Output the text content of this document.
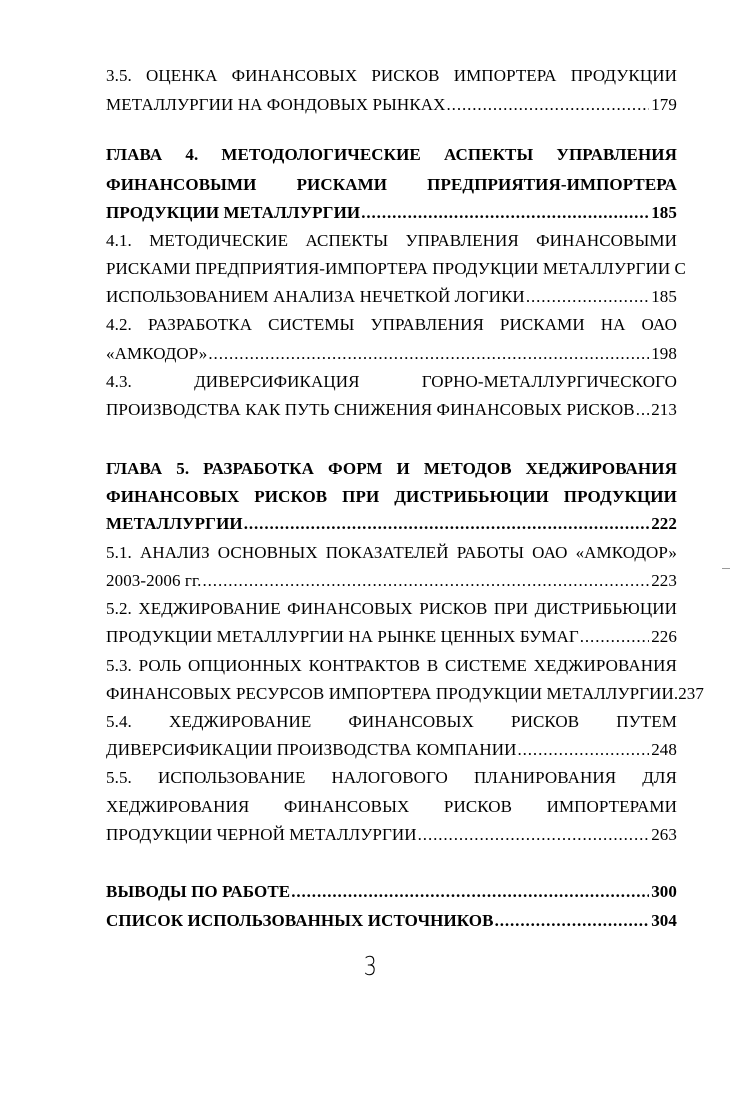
3.5. ОЦЕНКА ФИНАНСОВЫХ РИСКОВ ИМПОРТЕРА ПРОДУКЦИИ
МЕТАЛЛУРГИИ НА ФОНДОВЫХ РЫНКАХ .....	179
ГЛАВА 4. МЕТОДОЛОГИЧЕСКИЕ АСПЕКТЫ УПРАВЛЕНИЯ
ФИНАНСОВЫМИ РИСКАМИ ПРЕДПРИЯТИЯ-ИМПОРТЕРА
ПРОДУКЦИИ МЕТАЛЛУРГИИ .....	185
4.1. МЕТОДИЧЕСКИЕ АСПЕКТЫ УПРАВЛЕНИЯ ФИНАНСОВЫМИ
РИСКАМИ ПРЕДПРИЯТИЯ-ИМПОРТЕРА ПРОДУКЦИИ МЕТАЛЛУРГИИ С
ИСПОЛЬЗОВАНИЕМ АНАЛИЗА НЕЧЕТКОЙ ЛОГИКИ .....	185
4.2. РАЗРАБОТКА СИСТЕМЫ УПРАВЛЕНИЯ РИСКАМИ НА ОАО
«АМКОДОР» .....	198
4.3.	ДИВЕРСИФИКАЦИЯ	ГОРНО-МЕТАЛЛУРГИЧЕСКОГО
ПРОИЗВОДСТВА КАК ПУТЬ СНИЖЕНИЯ ФИНАНСОВЫХ РИСКОВ ..... 213
ГЛАВА 5. РАЗРАБОТКА ФОРМ И МЕТОДОВ ХЕДЖИРОВАНИЯ
ФИНАНСОВЫХ РИСКОВ ПРИ ДИСТРИБЬЮЦИИ ПРОДУКЦИИ
МЕТАЛЛУРГИИ .....	222
5.1. АНАЛИЗ ОСНОВНЫХ ПОКАЗАТЕЛЕЙ РАБОТЫ ОАО «АМКОДОР»
2003-2006 гг. .....	223
5.2. ХЕДЖИРОВАНИЕ ФИНАНСОВЫХ РИСКОВ ПРИ ДИСТРИБЬЮЦИИ
ПРОДУКЦИИ МЕТАЛЛУРГИИ НА РЫНКЕ ЦЕННЫХ БУМАГ .....	226
5.3. РОЛЬ ОПЦИОННЫХ КОНТРАКТОВ В СИСТЕМЕ ХЕДЖИРОВАНИЯ
ФИНАНСОВЫХ РЕСУРСОВ ИМПОРТЕРА ПРОДУКЦИИ МЕТАЛЛУРГИИ .237
5.4. ХЕДЖИРОВАНИЕ ФИНАНСОВЫХ РИСКОВ ПУТЕМ
ДИВЕРСИФИКАЦИИ ПРОИЗВОДСТВА КОМПАНИИ .....	248
5.5. ИСПОЛЬЗОВАНИЕ НАЛОГОВОГО ПЛАНИРОВАНИЯ ДЛЯ
ХЕДЖИРОВАНИЯ ФИНАНСОВЫХ РИСКОВ ИМПОРТЕРАМИ
ПРОДУКЦИИ ЧЕРНОЙ МЕТАЛЛУРГИИ .....	263
ВЫВОДЫ ПО РАБОТЕ .....	300
СПИСОК ИСПОЛЬЗОВАННЫХ ИСТОЧНИКОВ .....	304
3
